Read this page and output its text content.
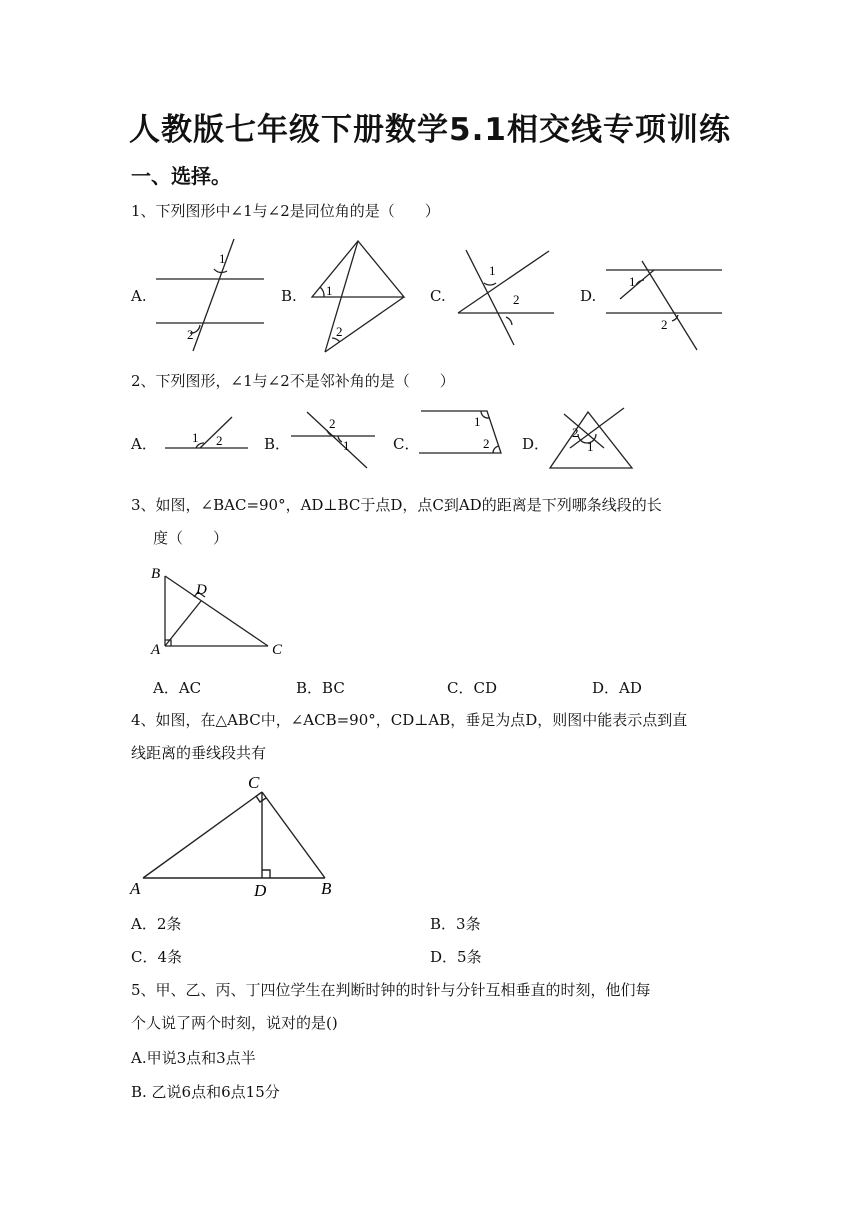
人教版七年级下册数学5.1相交线专项训练
一、选择。
1、下列图形中∠1与∠2是同位角的是（　　）
A.	B.	C.	D.
1
2
1
2
1
2
1
2
2、下列图形，∠1与∠2不是邻补角的是（　　）
A．	B．	C．	D．
1 2
2
1
1
2
2
1
3、如图，∠BAC=90°，AD⊥BC于点D，点C到AD的距离是下列哪条线段的长
度（　　）
B
D
A	C
A．AC	B．BC	C．CD	D．AD
4、如图，在△ABC中，∠ACB=90°，CD⊥AB，垂足为点D，则图中能表示点到直
线距离的垂线段共有
C
A	D	B
A．2条	B．3条
C．4条	D．5条
5、甲、乙、丙、丁四位学生在判断时钟的时针与分针互相垂直的时刻，他们每
个人说了两个时刻，说对的是()
A.甲说3点和3点半
B. 乙说6点和6点15分
